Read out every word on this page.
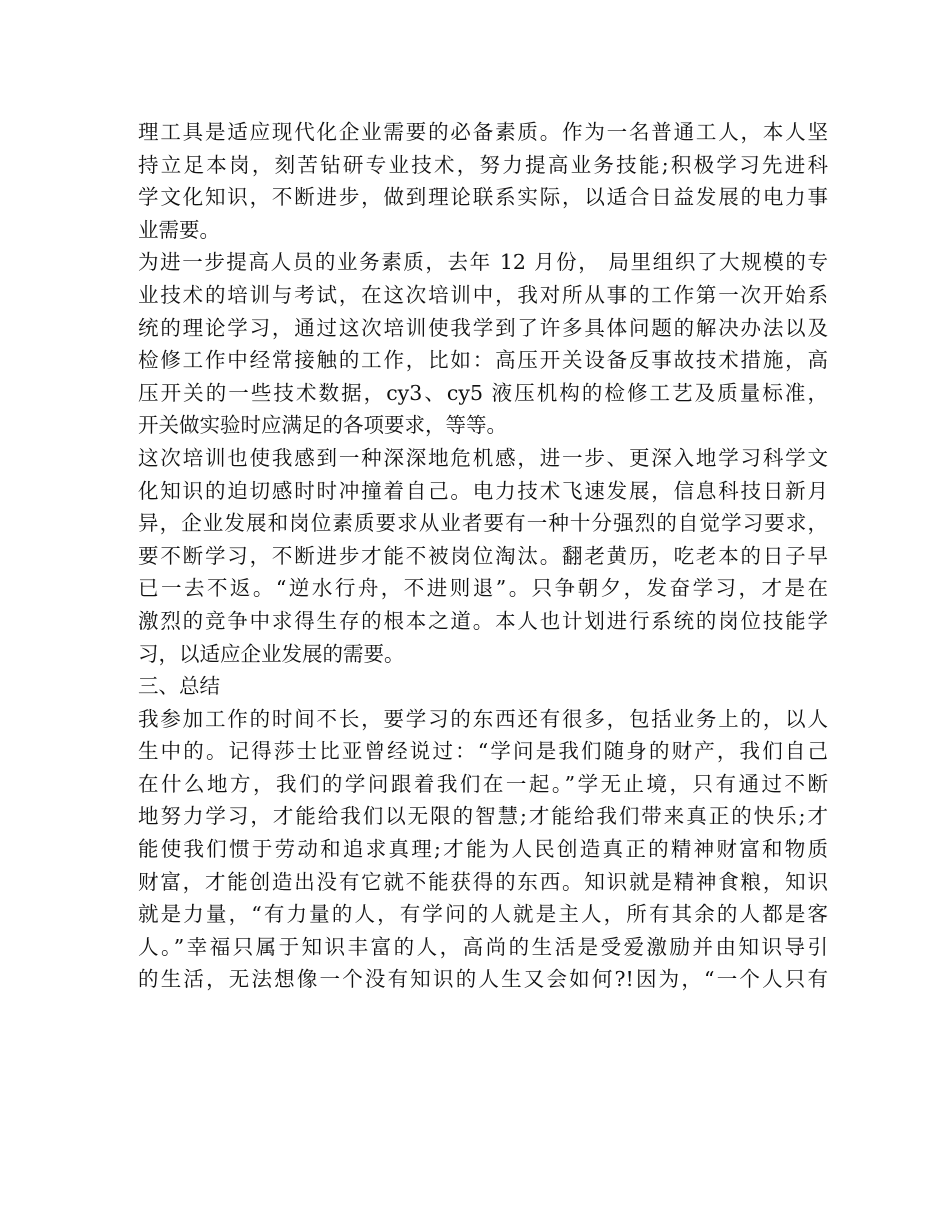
理工具是适应现代化企业需要的必备素质。作为一名普通工人，本人坚
持立足本岗，刻苦钻研专业技术，努力提高业务技能;积极学习先进科
学文化知识，不断进步，做到理论联系实际，以适合日益发展的电力事
业需要。
为进一步提高人员的业务素质，去年 12 月份， 局里组织了大规模的专
业技术的培训与考试，在这次培训中，我对所从事的工作第一次开始系
统的理论学习，通过这次培训使我学到了许多具体问题的解决办法以及
检修工作中经常接触的工作，比如：高压开关设备反事故技术措施，高
压开关的一些技术数据，cy3、cy5 液压机构的检修工艺及质量标准，
开关做实验时应满足的各项要求，等等。
这次培训也使我感到一种深深地危机感，进一步、更深入地学习科学文
化知识的迫切感时时冲撞着自己。电力技术飞速发展，信息科技日新月
异，企业发展和岗位素质要求从业者要有一种十分强烈的自觉学习要求，
要不断学习，不断进步才能不被岗位淘汰。翻老黄历，吃老本的日子早
已一去不返。“逆水行舟，不进则退”。只争朝夕，发奋学习，才是在
激烈的竞争中求得生存的根本之道。本人也计划进行系统的岗位技能学
习，以适应企业发展的需要。
三、总结
我参加工作的时间不长，要学习的东西还有很多，包括业务上的，以人
生中的。记得莎士比亚曾经说过：“学问是我们随身的财产，我们自己
在什么地方，我们的学问跟着我们在一起。”学无止境，只有通过不断
地努力学习，才能给我们以无限的智慧;才能给我们带来真正的快乐;才
能使我们惯于劳动和追求真理;才能为人民创造真正的精神财富和物质
财富，才能创造出没有它就不能获得的东西。知识就是精神食粮，知识
就是力量，“有力量的人，有学问的人就是主人，所有其余的人都是客
人。”幸福只属于知识丰富的人，高尚的生活是受爱激励并由知识导引
的生活，无法想像一个没有知识的人生又会如何?!因为，“一个人只有
